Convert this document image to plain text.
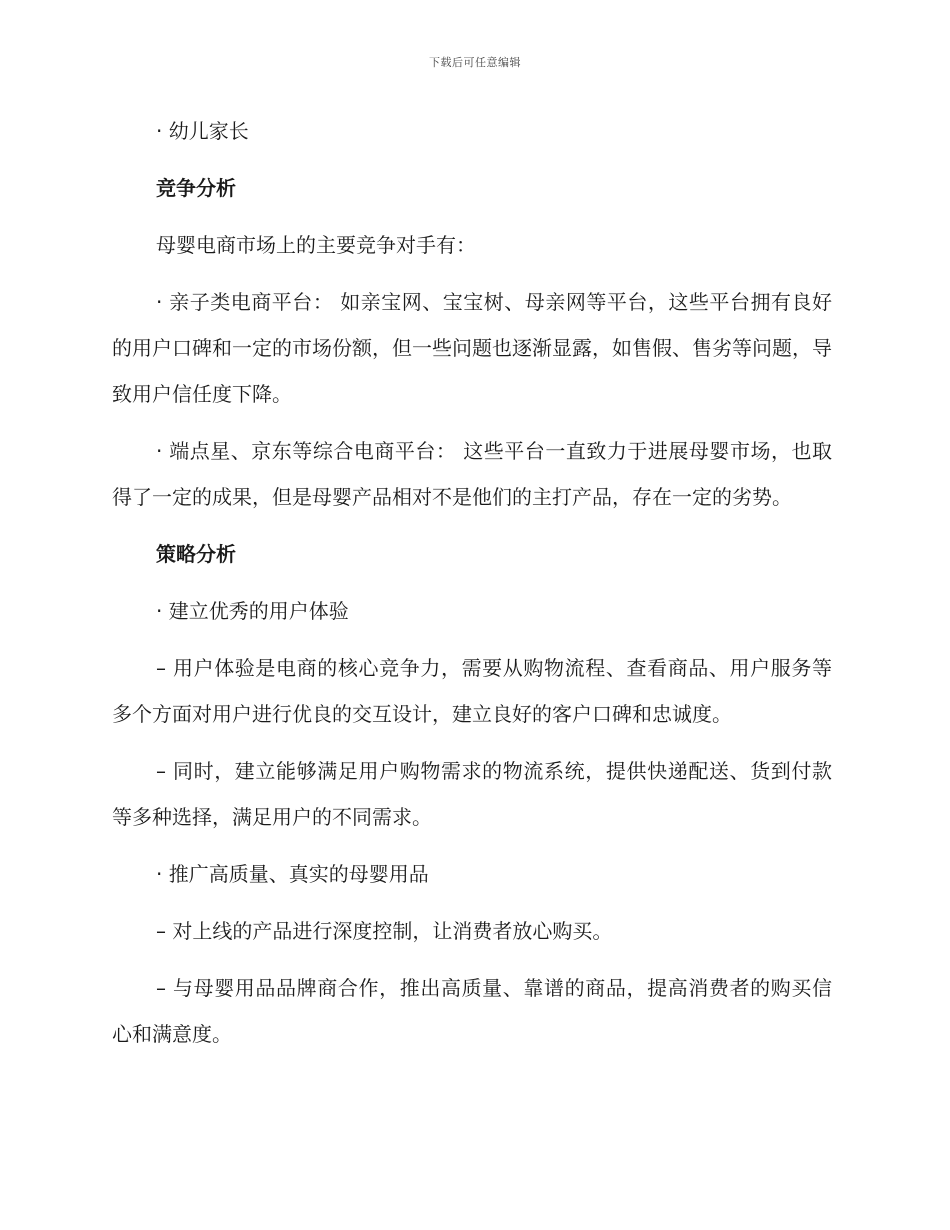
下载后可任意编辑

· 幼儿家长

竞争分析

母婴电商市场上的主要竞争对手有：

· 亲子类电商平台： 如亲宝网、宝宝树、母亲网等平台，这些平台拥有良好的用户口碑和一定的市场份额，但一些问题也逐渐显露，如售假、售劣等问题，导致用户信任度下降。

· 端点星、京东等综合电商平台： 这些平台一直致力于进展母婴市场，也取得了一定的成果，但是母婴产品相对不是他们的主打产品，存在一定的劣势。

策略分析

· 建立优秀的用户体验

– 用户体验是电商的核心竞争力，需要从购物流程、查看商品、用户服务等多个方面对用户进行优良的交互设计，建立良好的客户口碑和忠诚度。

– 同时，建立能够满足用户购物需求的物流系统，提供快递配送、货到付款等多种选择，满足用户的不同需求。

· 推广高质量、真实的母婴用品

– 对上线的产品进行深度控制，让消费者放心购买。

– 与母婴用品品牌商合作，推出高质量、靠谱的商品，提高消费者的购买信心和满意度。
